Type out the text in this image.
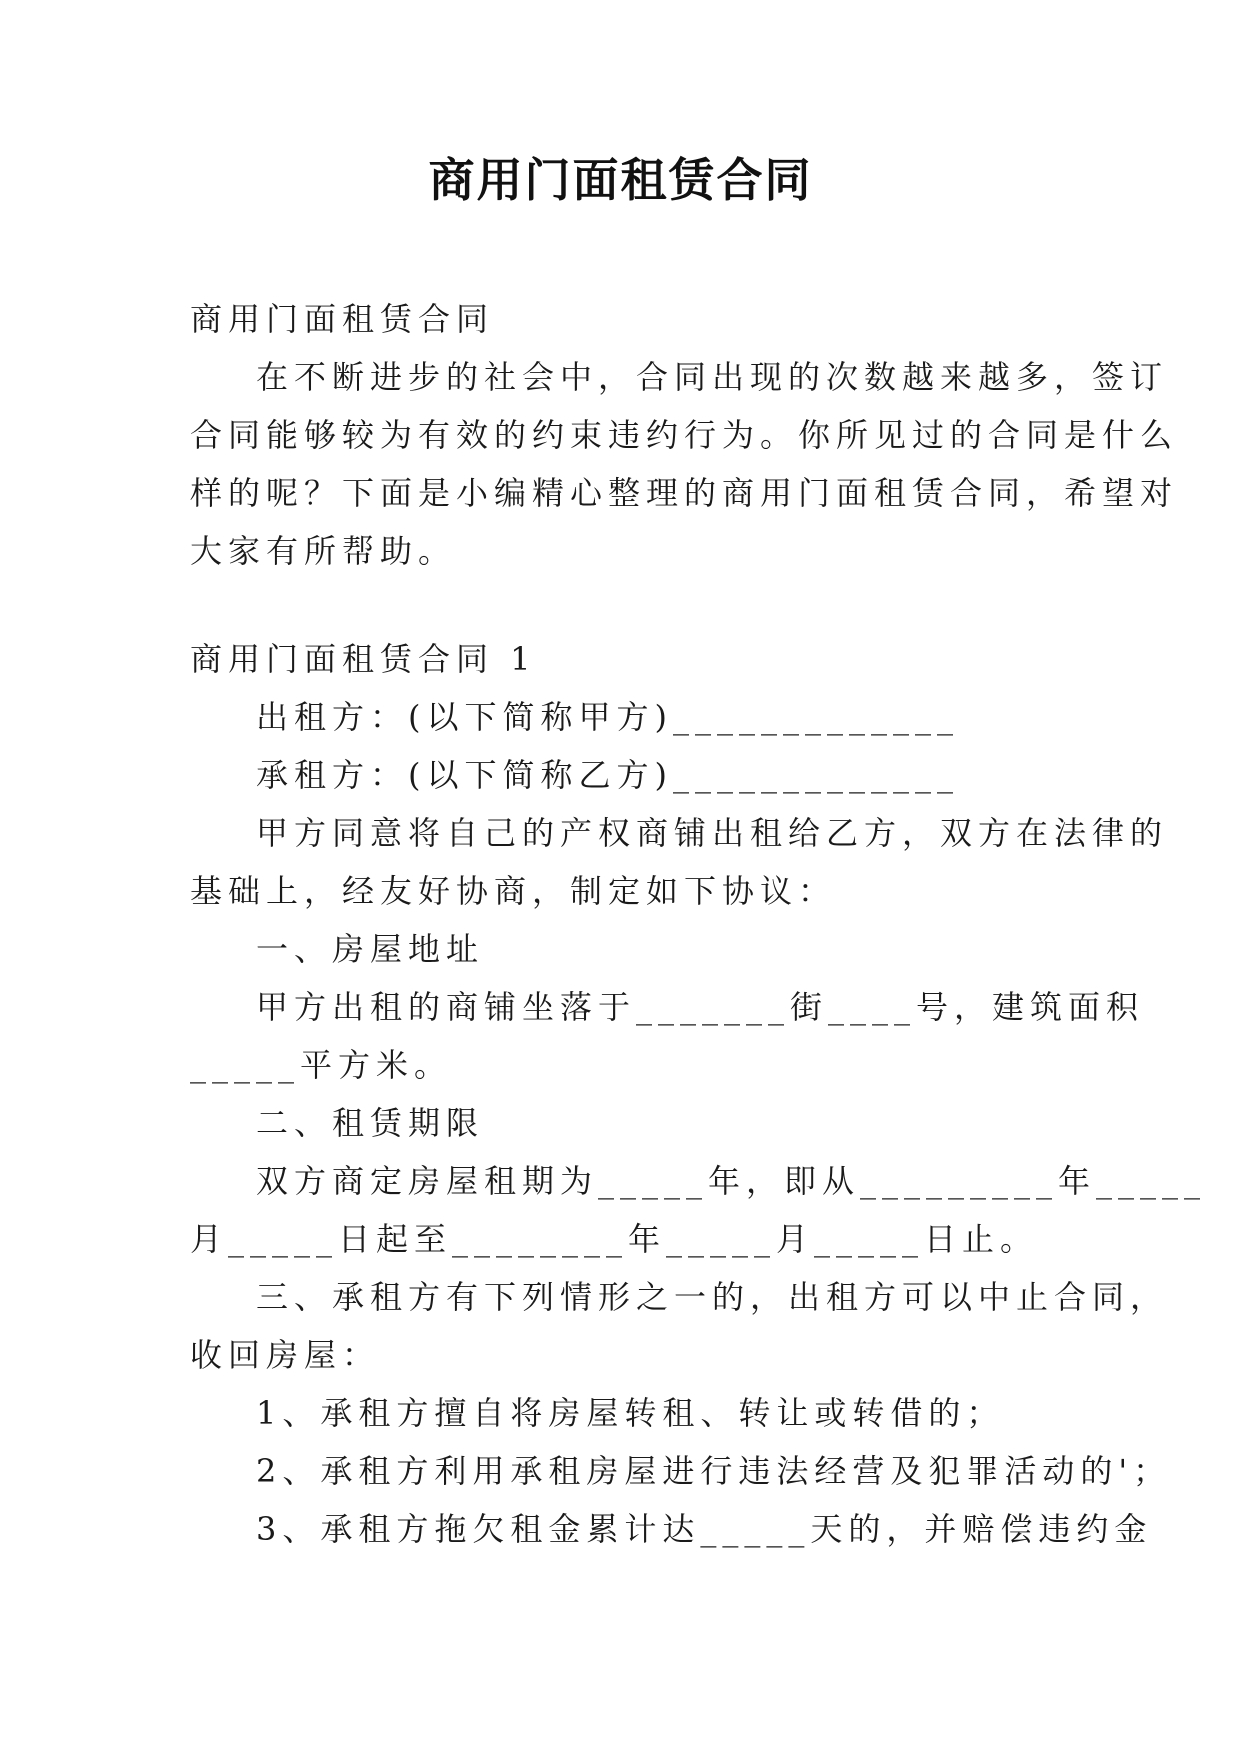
商用门面租赁合同
商用门面租赁合同
在不断进步的社会中，合同出现的次数越来越多，签订
合同能够较为有效的约束违约行为。你所见过的合同是什么
样的呢？下面是小编精心整理的商用门面租赁合同，希望对
大家有所帮助。
商用门面租赁合同 1
出租方：(以下简称甲方)_____________
承租方：(以下简称乙方)_____________
甲方同意将自己的产权商铺出租给乙方，双方在法律的
基础上，经友好协商，制定如下协议：
一、房屋地址
甲方出租的商铺坐落于_______街____号，建筑面积
_____平方米。
二、租赁期限
双方商定房屋租期为_____年，即从_________年_____
月_____日起至________年_____月_____日止。
三、承租方有下列情形之一的，出租方可以中止合同，
收回房屋：
1、承租方擅自将房屋转租、转让或转借的；
2、承租方利用承租房屋进行违法经营及犯罪活动的'；
3、承租方拖欠租金累计达_____天的，并赔偿违约金
